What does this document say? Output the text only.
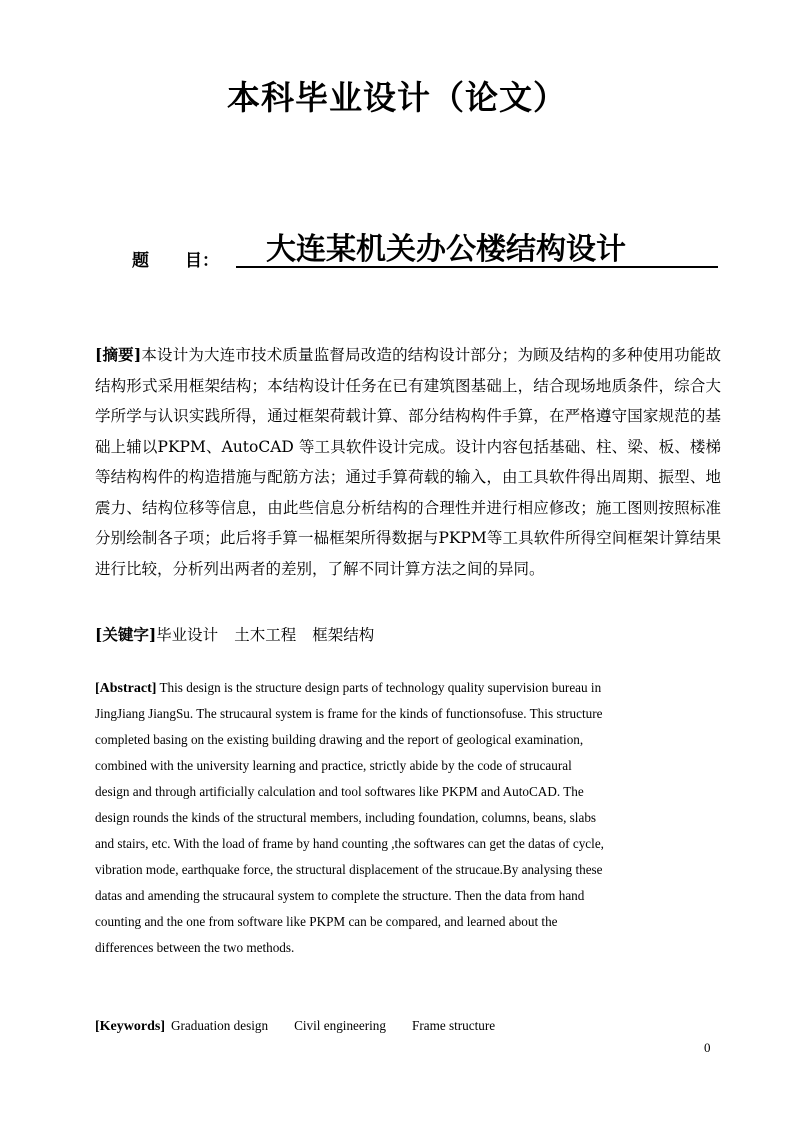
本科毕业设计（论文）
题 目：	大连某机关办公楼结构设计
[摘要]本设计为大连市技术质量监督局改造的结构设计部分；为顾及结构的多种使用功能故结构形式采用框架结构；本结构设计任务在已有建筑图基础上，结合现场地质条件，综合大学所学与认识实践所得，通过框架荷载计算、部分结构构件手算，在严格遵守国家规范的基础上辅以PKPM、AutoCAD 等工具软件设计完成。设计内容包括基础、柱、梁、板、楼梯等结构构件的构造措施与配筋方法；通过手算荷载的输入，由工具软件得出周期、振型、地震力、结构位移等信息，由此些信息分析结构的合理性并进行相应修改；施工图则按照标准分别绘制各子项；此后将手算一榀框架所得数据与PKPM等工具软件所得空间框架计算结果进行比较，分析列出两者的差别，了解不同计算方法之间的异同。
[关键字]毕业设计 土木工程 框架结构
[Abstract] This design is the structure design parts of technology quality supervision bureau in
JingJiang JiangSu. The strucaural system is frame for the kinds of functionsofuse. This structure
completed basing on the existing building drawing and the report of geological examination,
combined with the university learning and practice, strictly abide by the code of strucaural
design and through artificially calculation and tool softwares like PKPM and AutoCAD. The
design rounds the kinds of the structural members, including foundation, columns, beans, slabs
and stairs, etc. With the load of frame by hand counting ,the softwares can get the datas of cycle,
vibration mode, earthquake force, the structural displacement of the strucaue.By analysing these
datas and amending the strucaural system to complete the structure. Then the data from hand
counting and the one from software like PKPM can be compared, and learned about the
differences between the two methods.
[Keywords] Graduation design Civil engineering Frame structure
0
